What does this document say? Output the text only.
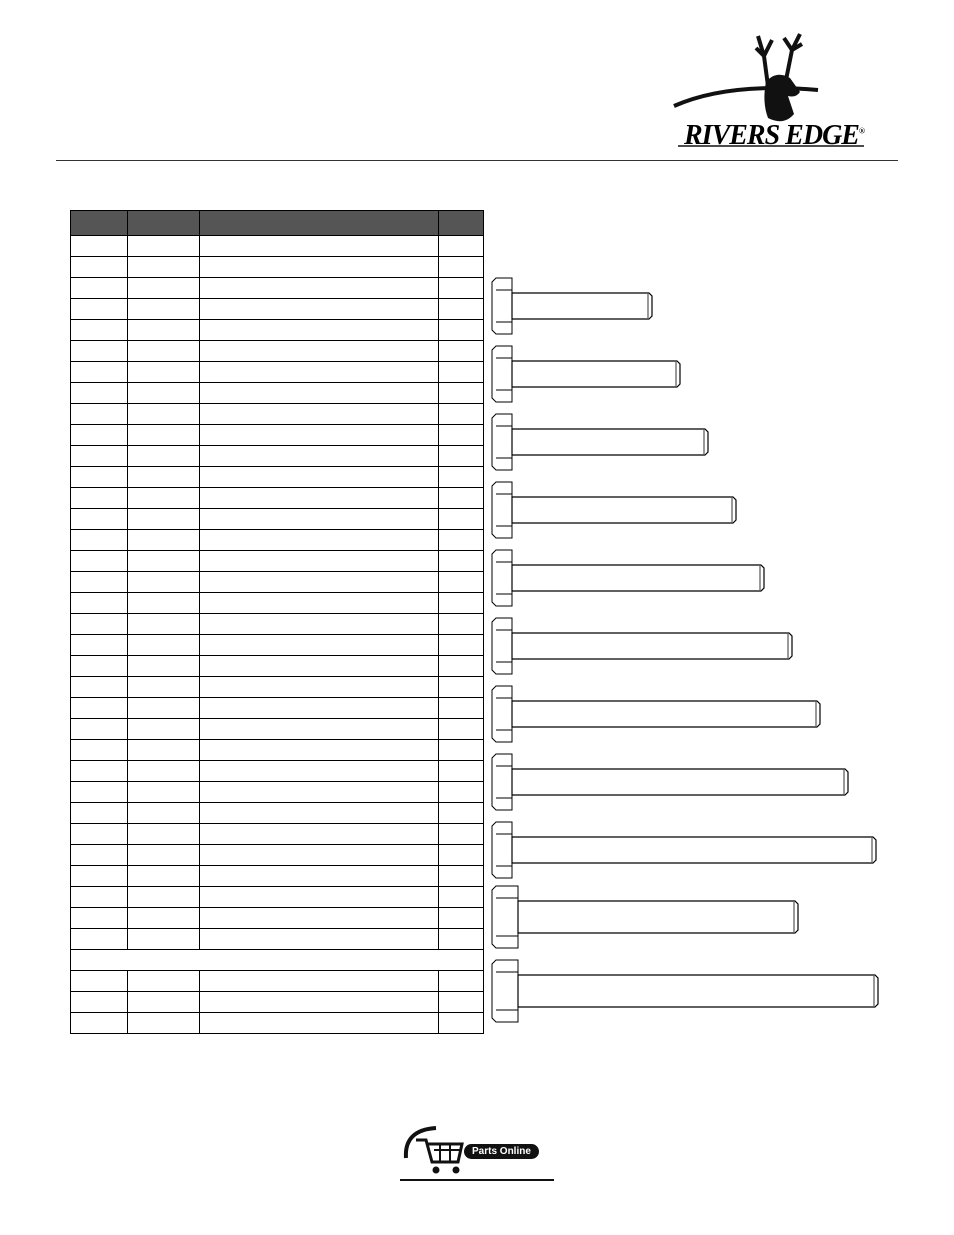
RIVERS EDGE®

Parts Online
